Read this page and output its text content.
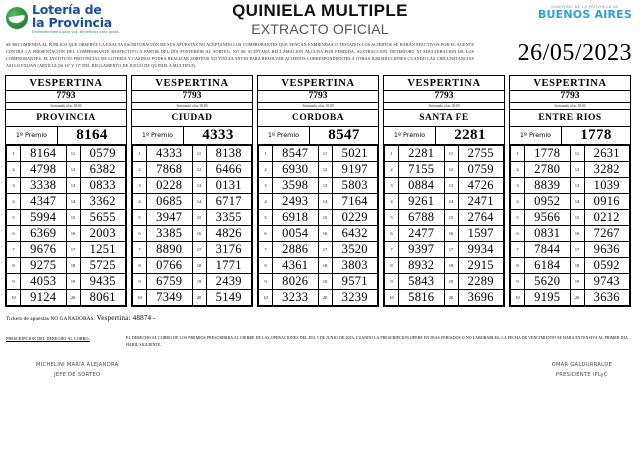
Lotería de
la Provincia
Entretenimiento para vos. Beneficios para todos.
QUINIELA MULTIPLE
EXTRACTO OFICIAL
GOBIERNO DE LA PROVINCIA DE
BUENOS AIRES
SE RECOMIENDA AL PÚBLICO QUE OBSERVE LA EXACTA ESCRITURACIÓN DE SUS APUESTAS NO ACEPTANDO LOS COMPROBANTES QUE TENGAN ENMIENDAS O TESTADOS LOS ACIERTOS SE HARÁN EFECTIVOS POR EL AGENTE CONTRA LA PRESENTACIÓN DEL COMPROBANTE RESPECTIVO A PARTIR DEL DÍA POSTERIOR AL SORTEO, NO SE ACEPTARA RECLAMACION ALGUNA POR PERDIDA, SUSTRACCION, DETERIORO NI ADULTERACION DE LOS COMPROBANTES, EL INSTITUTO PROVINCIAL DE LOTERIA Y CASINOS PODRA REALIZAR SORTEOS NO VINCULANTES PARA RESOLVER ACIERTOS CORRESPONDIENTES A OTRAS JURISDICCIONES CUANDO LAS CIRCUNSTANCIAS ASI LO EXIJAN (ARTICULOS 16º Y 17º DEL REGLAMENTO DE JUEGO DE QUINIELA MULTIPLE).	26/05/2023
VESPERTINA
7793
Sorteando a las 18:00
PROVINCIA
1º Premio	8164
1	8164	11	0579
2	4798	12	6382
3	3338	13	0833
4	4347	14	3362
5	5994	15	5655
6	6369	16	2003
7	9676	17	1251
8	9275	18	5725
9	4053	19	9435
10	9124	20	8061
VESPERTINA
7793
Sorteando a las 18:00
CIUDAD
1º Premio	4333
1	4333	11	8138
2	7868	12	6466
3	0228	13	0131
4	0685	14	6717
5	3947	15	3355
6	3385	16	4826
7	8890	17	3176
8	0766	18	1771
9	6759	19	2439
10	7349	20	5149
VESPERTINA
7793
Sorteando a las 18:00
CORDOBA
1º Premio	8547
1	8547	11	5021
2	6930	12	9197
3	3598	13	5803
4	2493	14	7164
5	6918	15	0229
6	0054	16	6432
7	2886	17	3520
8	4361	18	3803
9	8026	19	9571
10	3233	20	3239
VESPERTINA
7793
Sorteando a las 18:00
SANTA FE
1º Premio	2281
1	2281	11	2755
2	7155	12	0759
3	0884	13	4726
4	9261	14	2471
5	6788	15	2764
6	2477	16	1597
7	9397	17	9934
8	8932	18	2915
9	5843	19	2289
10	5816	20	3696
VESPERTINA
7793
Sorteando a las 18:00
ENTRE RIOS
1º Premio	1778
1	1778	11	2631
2	2780	12	3282
3	8839	13	1039
4	0952	14	0916
5	9566	15	0212
6	0831	16	7267
7	7844	17	9636
8	6184	18	0592
9	5620	19	9743
10	9195	20	3636
Tickets de apuestas NO GANADORAS: Vespertina: 48874 -
PRESCRIPCION DEL DERECHO AL COBRO:	EL DERECHO AL COBRO DE LOS PREMIOS PRESCRIBIRA AL CIERRE DE LAS OPERACIONES DEL DIA 5 DE JUNIO DE 2023, CUANDO LA PRESCRIPCION OPERE EN DIAS FERIADOS O NO LABORABLES, LA FECHA DE VENCIMIENTO SE HARA EXTENSIVA AL PRIMER DIA HABIL SIGUIENTE.
MICHELINI MARIA ALEJANDRA
JEFE DE SORTEO
OMAR GALDURRALDE
PRESIDENTE IPLyC
